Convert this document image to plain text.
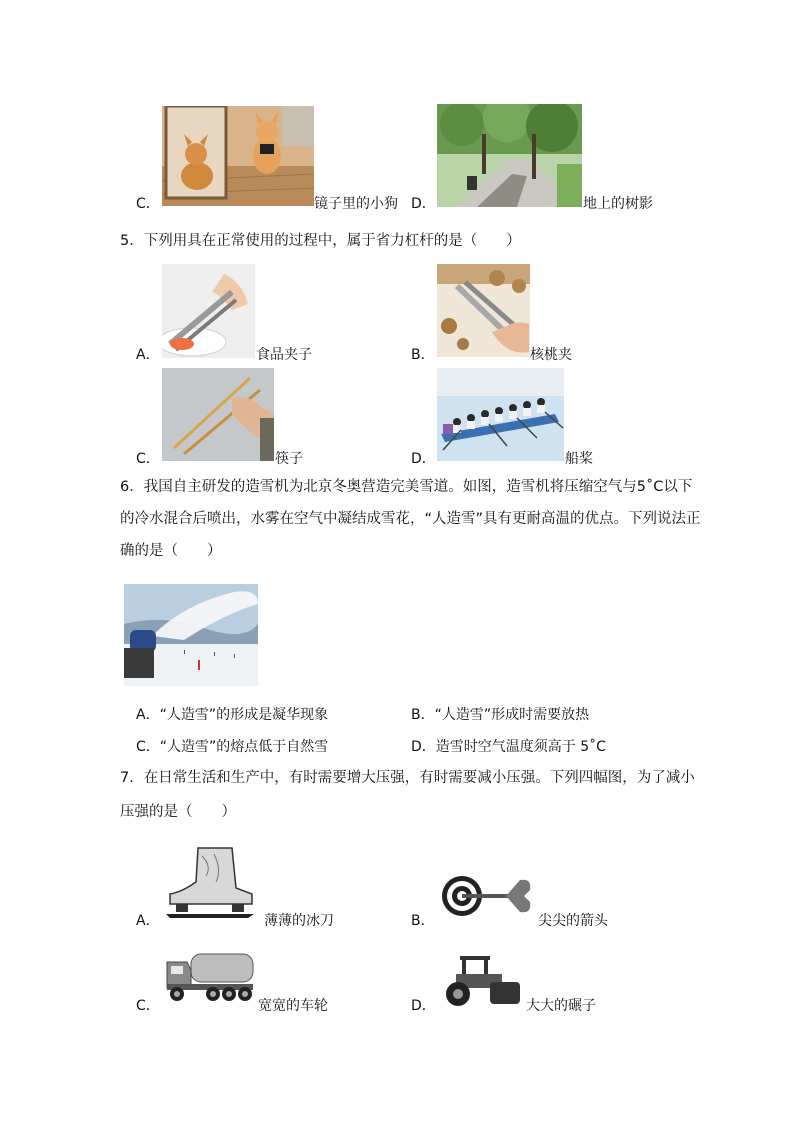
C．	镜子里的小狗 D．	地上的树影
5．下列用具在正常使用的过程中，属于省力杠杆的是（　　）
A．	食品夹子	B．	核桃夹
C．	筷子	D．	船桨
6．我国自主研发的造雪机为北京冬奥营造完美雪道。如图，造雪机将压缩空气与5˚C以下
的冷水混合后喷出，水雾在空气中凝结成雪花，“人造雪”具有更耐高温的优点。下列说法正
确的是（　　）
A．“人造雪”的形成是凝华现象	B．“人造雪”形成时需要放热
C．“人造雪”的熔点低于自然雪	D．造雪时空气温度须高于 5˚C
7．在日常生活和生产中，有时需要增大压强，有时需要减小压强。下列四幅图，为了减小
压强的是（　　）
A．	薄薄的冰刀	B．	尖尖的箭头
C．	宽宽的车轮	D．	大大的碾子
